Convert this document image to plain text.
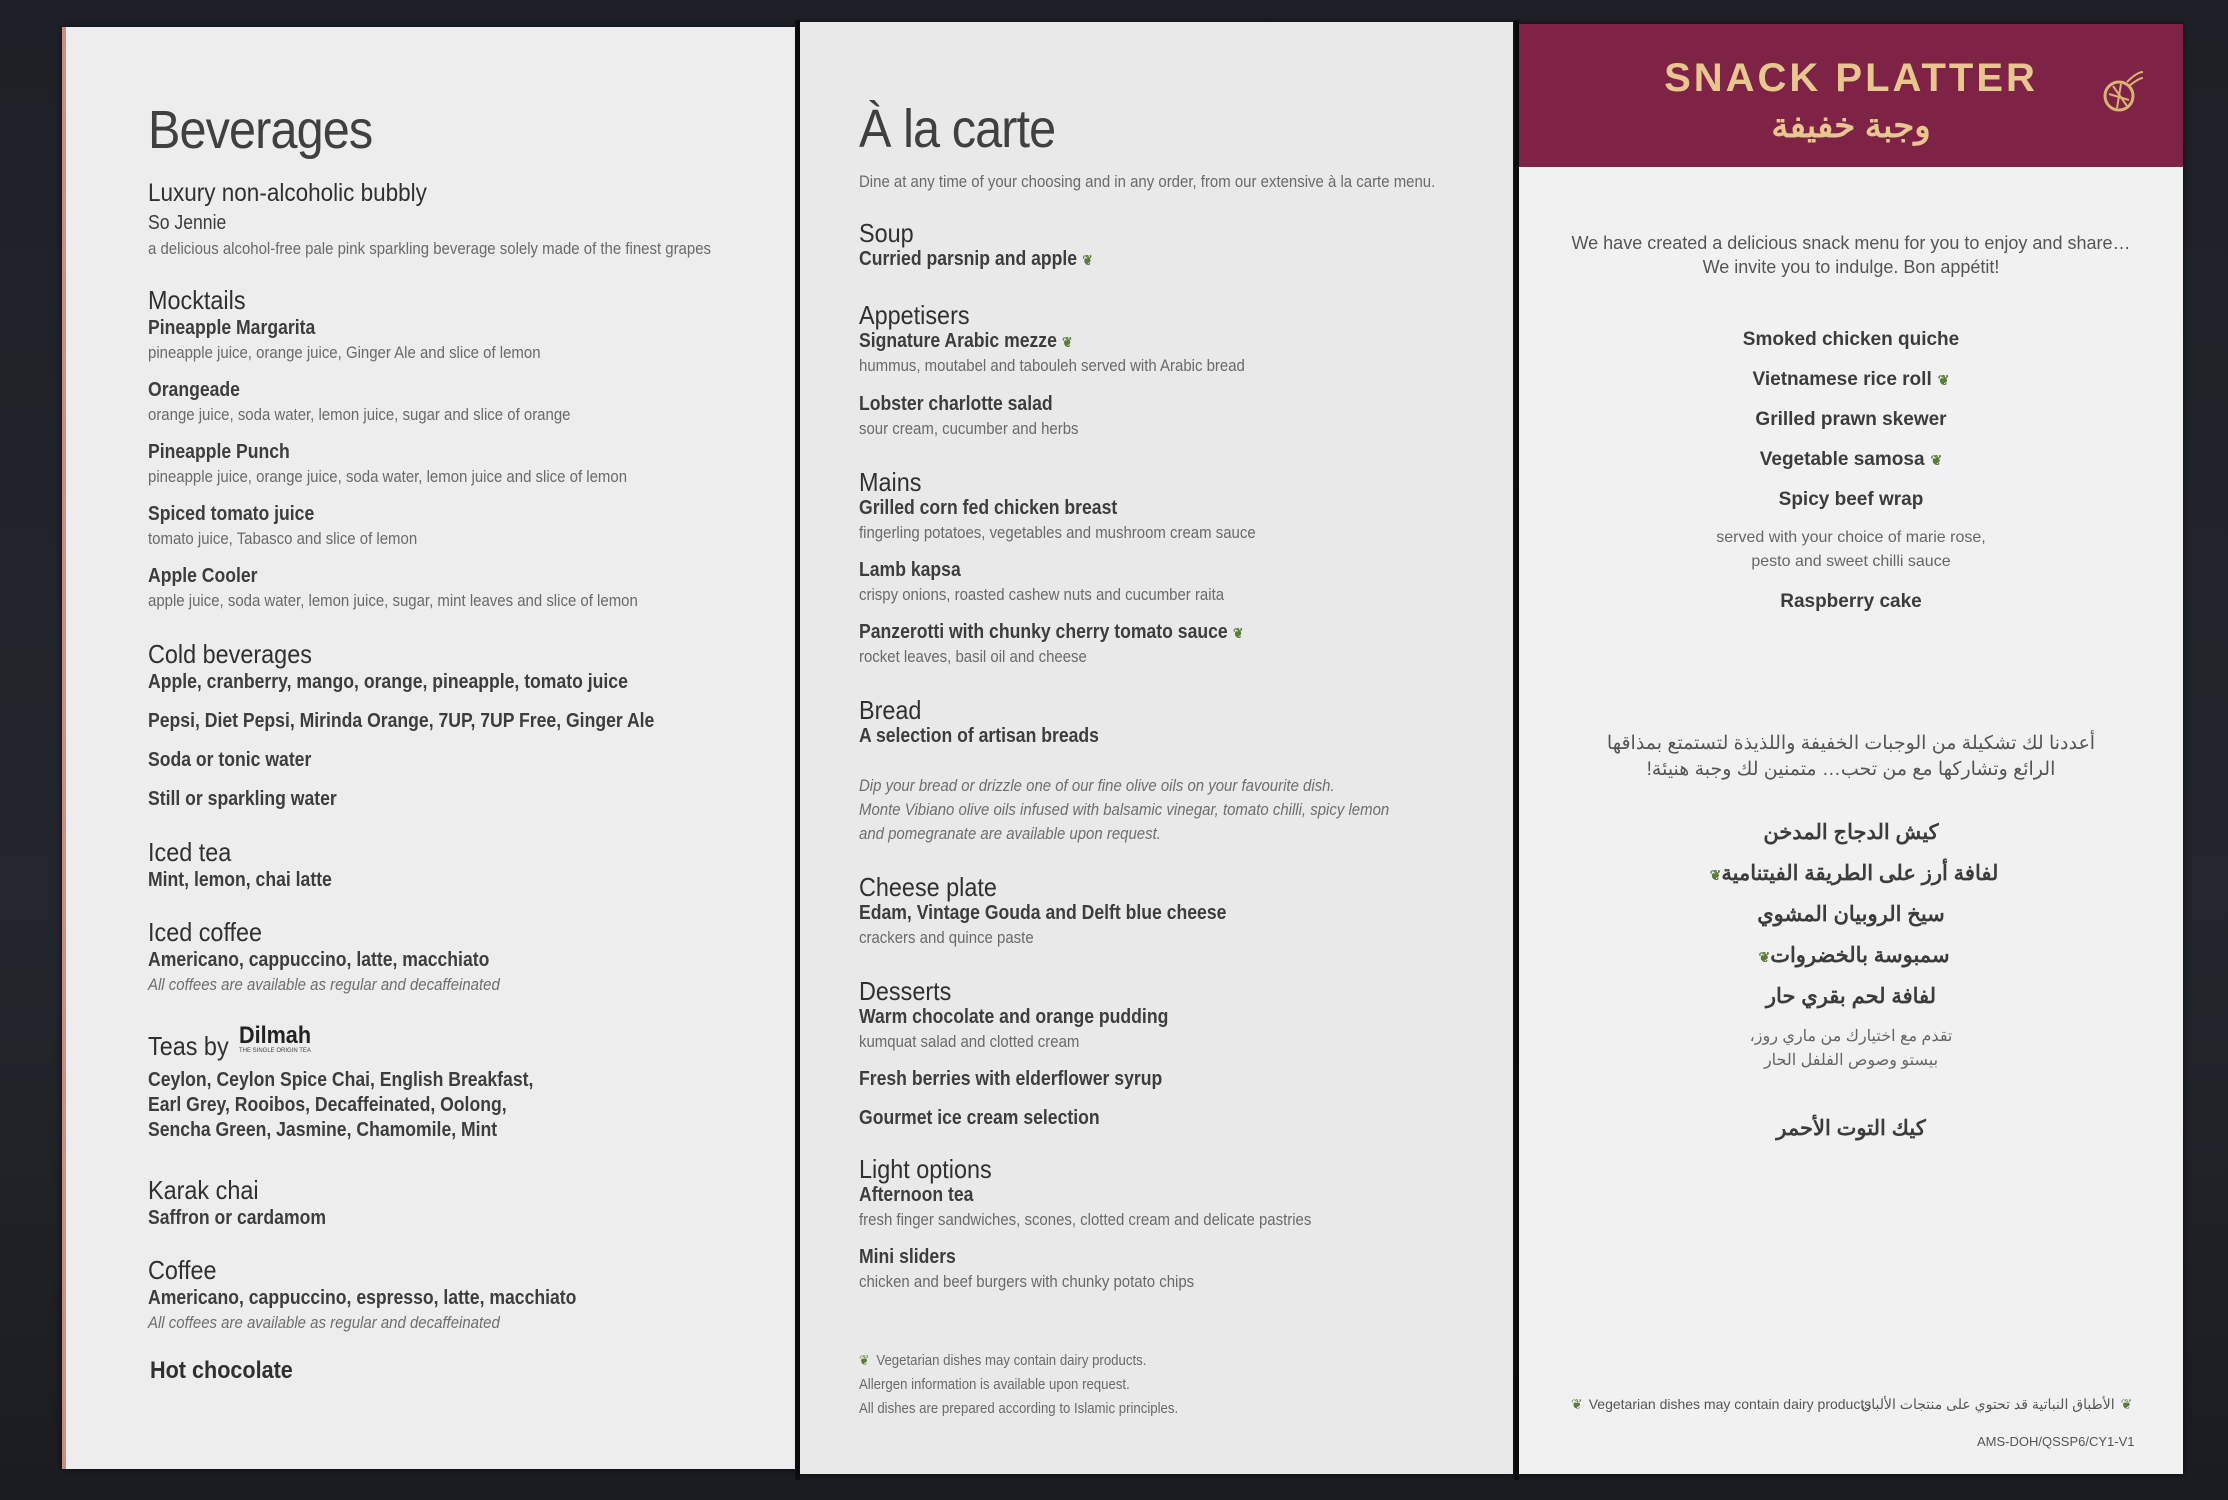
Beverages
Luxury non-alcoholic bubbly
So Jennie
a delicious alcohol-free pale pink sparkling beverage solely made of the finest grapes
Mocktails
Pineapple Margarita
pineapple juice, orange juice, Ginger Ale and slice of lemon
Orangeade
orange juice, soda water, lemon juice, sugar and slice of orange
Pineapple Punch
pineapple juice, orange juice, soda water, lemon juice and slice of lemon
Spiced tomato juice
tomato juice, Tabasco and slice of lemon
Apple Cooler
apple juice, soda water, lemon juice, sugar, mint leaves and slice of lemon
Cold beverages
Apple, cranberry, mango, orange, pineapple, tomato juice
Pepsi, Diet Pepsi, Mirinda Orange, 7UP, 7UP Free, Ginger Ale
Soda or tonic water
Still or sparkling water
Iced tea
Mint, lemon, chai latte
Iced coffee
Americano, cappuccino, latte, macchiato
All coffees are available as regular and decaffeinated
Teas by Dilmah
THE SINGLE ORIGIN TEA
Ceylon, Ceylon Spice Chai, English Breakfast,
Earl Grey, Rooibos, Decaffeinated, Oolong,
Sencha Green, Jasmine, Chamomile, Mint
Karak chai
Saffron or cardamom
Coffee
Americano, cappuccino, espresso, latte, macchiato
All coffees are available as regular and decaffeinated
Hot chocolate
À la carte
Dine at any time of your choosing and in any order, from our extensive à la carte menu.
Soup
Curried parsnip and apple ❦
Appetisers
Signature Arabic mezze ❦
hummus, moutabel and tabouleh served with Arabic bread
Lobster charlotte salad
sour cream, cucumber and herbs
Mains
Grilled corn fed chicken breast
fingerling potatoes, vegetables and mushroom cream sauce
Lamb kapsa
crispy onions, roasted cashew nuts and cucumber raita
Panzerotti with chunky cherry tomato sauce ❦
rocket leaves, basil oil and cheese
Bread
A selection of artisan breads
Dip your bread or drizzle one of our fine olive oils on your favourite dish.
Monte Vibiano olive oils infused with balsamic vinegar, tomato chilli, spicy lemon
and pomegranate are available upon request.
Cheese plate
Edam, Vintage Gouda and Delft blue cheese
crackers and quince paste
Desserts
Warm chocolate and orange pudding
kumquat salad and clotted cream
Fresh berries with elderflower syrup
Gourmet ice cream selection
Light options
Afternoon tea
fresh finger sandwiches, scones, clotted cream and delicate pastries
Mini sliders
chicken and beef burgers with chunky potato chips
❦ Vegetarian dishes may contain dairy products.
Allergen information is available upon request.
All dishes are prepared according to Islamic principles.
SNACK PLATTER
وجبة خفيفة
We have created a delicious snack menu for you to enjoy and share…
We invite you to indulge. Bon appétit!
Smoked chicken quiche
Vietnamese rice roll ❦
Grilled prawn skewer
Vegetable samosa ❦
Spicy beef wrap
served with your choice of marie rose,
pesto and sweet chilli sauce
Raspberry cake
أعددنا لك تشكيلة من الوجبات الخفيفة واللذيذة لتستمتع بمذاقها
الرائع وتشاركها مع من تحب… متمنين لك وجبة هنيئة!
كيش الدجاج المدخن
لفافة أرز على الطريقة الفيتنامية❦
سيخ الروبيان المشوي
سمبوسة بالخضروات❦
لفافة لحم بقري حار
تقدم مع اختيارك من ماري روز،
بيستو وصوص الفلفل الحار
كيك التوت الأحمر
❦ Vegetarian dishes may contain dairy products	❦الأطباق النباتية قد تحتوي على منتجات الألبان
AMS-DOH/QSSP6/CY1-V1
